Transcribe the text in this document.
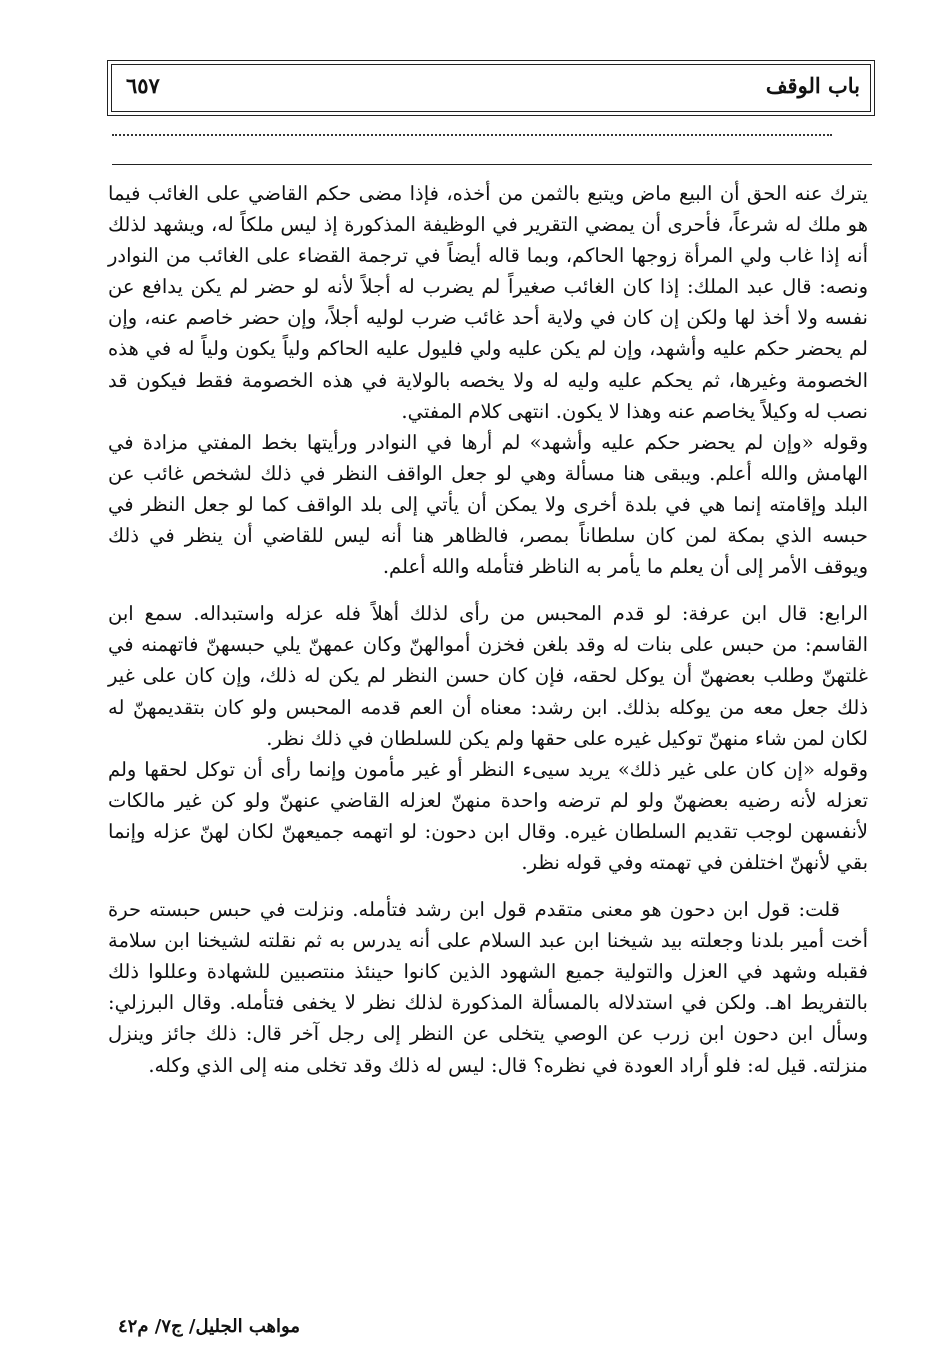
باب الوقف
٦٥٧

يترك عنه الحق أن البيع ماض ويتبع بالثمن من أخذه، فإذا مضى حكم القاضي على الغائب فيما هو ملك له شرعاً، فأحرى أن يمضي التقرير في الوظيفة المذكورة إذ ليس ملكاً له، ويشهد لذلك أنه إذا غاب ولي المرأة زوجها الحاكم، وبما قاله أيضاً في ترجمة القضاء على الغائب من النوادر ونصه: قال عبد الملك: إذا كان الغائب صغيراً لم يضرب له أجلاً لأنه لو حضر لم يكن يدافع عن نفسه ولا أخذ لها ولكن إن كان في ولاية أحد غائب ضرب لوليه أجلاً، وإن حضر خاصم عنه، وإن لم يحضر حكم عليه وأشهد، وإن لم يكن عليه ولي فليول عليه الحاكم ولياً يكون ولياً له في هذه الخصومة وغيرها، ثم يحكم عليه وليه له ولا يخصه بالولاية في هذه الخصومة فقط فيكون قد نصب له وكيلاً يخاصم عنه وهذا لا يكون. انتهى كلام المفتي.

وقوله «وإن لم يحضر حكم عليه وأشهد» لم أرها في النوادر ورأيتها بخط المفتي مزادة في الهامش والله أعلم. ويبقى هنا مسألة وهي لو جعل الواقف النظر في ذلك لشخص غائب عن البلد وإقامته إنما هي في بلدة أخرى ولا يمكن أن يأتي إلى بلد الواقف كما لو جعل النظر في حبسه الذي بمكة لمن كان سلطاناً بمصر، فالظاهر هنا أنه ليس للقاضي أن ينظر في ذلك ويوقف الأمر إلى أن يعلم ما يأمر به الناظر فتأمله والله أعلم.

الرابع: قال ابن عرفة: لو قدم المحبس من رأى لذلك أهلاً فله عزله واستبداله. سمع ابن القاسم: من حبس على بنات له وقد بلغن فخزن أموالهنّ وكان عمهنّ يلي حبسهنّ فاتهمنه في غلتهنّ وطلب بعضهنّ أن يوكل لحقه، فإن كان حسن النظر لم يكن له ذلك، وإن كان على غير ذلك جعل معه من يوكله بذلك. ابن رشد: معناه أن العم قدمه المحبس ولو كان بتقديمهنّ له لكان لمن شاء منهنّ توكيل غيره على حقها ولم يكن للسلطان في ذلك نظر.

وقوله «إن كان على غير ذلك» يريد سيىء النظر أو غير مأمون وإنما رأى أن توكل لحقها ولم تعزله لأنه رضيه بعضهنّ ولو لم ترضه واحدة منهنّ لعزله القاضي عنهنّ ولو كن غير مالكات لأنفسهن لوجب تقديم السلطان غيره. وقال ابن دحون: لو اتهمه جميعهنّ لكان لهنّ عزله وإنما بقي لأنهنّ اختلفن في تهمته وفي قوله نظر.

قلت: قول ابن دحون هو معنى متقدم قول ابن رشد فتأمله. ونزلت في حبس حبسته حرة أخت أمير بلدنا وجعلته بيد شيخنا ابن عبد السلام على أنه يدرس به ثم نقلته لشيخنا ابن سلامة فقبله وشهد في العزل والتولية جميع الشهود الذين كانوا حينئذ منتصبين للشهادة وعللوا ذلك بالتفريط اهـ. ولكن في استدلاله بالمسألة المذكورة لذلك نظر لا يخفى فتأمله. وقال البرزلي: وسأل ابن دحون ابن زرب عن الوصي يتخلى عن النظر إلى رجل آخر قال: ذلك جائز وينزل منزلته. قيل له: فلو أراد العودة في نظره؟ قال: ليس له ذلك وقد تخلى منه إلى الذي وكله.

مواهب الجليل/ ج٧/ م٤٢
